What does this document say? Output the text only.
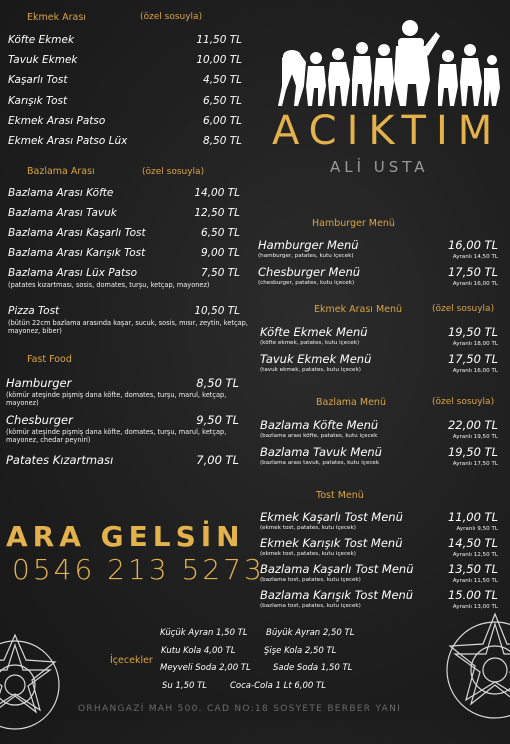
Ekmek Arası	(özel sosuyla)
Köfte Ekmek	11,50 TL
Tavuk Ekmek	10,00 TL
Kaşarlı Tost	4,50 TL
Karışık Tost	6,50 TL
Ekmek Arası Patso	6,00 TL
Ekmek Arası Patso Lüx	8,50 TL
Bazlama Arası	(özel sosuyla)
Bazlama Arası Köfte	14,00 TL
Bazlama Arası Tavuk	12,50 TL
Bazlama Arası Kaşarlı Tost	6,50 TL
Bazlama Arası Karışık Tost	9,00 TL
Bazlama Arası Lüx Patso	7,50 TL
(patates kızartması, sosis, domates, turşu, ketçap, mayonez)
Pizza Tost	10,50 TL
(bütün 22cm bazlama arasında kaşar, sucuk, sosis, mısır, zeytin, ketçap, mayonez, biber)
Fast Food
Hamburger	8,50 TL
(kömür ateşinde pişmiş dana köfte, domates, turşu, marul, ketçap, mayonez)
Chesburger	9,50 TL
(kömür ateşinde pişmiş dana köfte, domates, turşu, marul, ketçap, mayonez, chedar peyniri)
Patates Kızartması	7,00 TL
ARA GELSİN
0546 213 5273
ACIKTIM
ALİ USTA
Hamburger Menü
Hamburger Menü	16,00 TL
(hamburger, patates, kutu içecek)	Ayranlı 14,50 TL
Chesburger Menü	17,50 TL
(chesburger, patates, kutu içecek)	Ayranlı 16,00 TL
Ekmek Arası Menü	(özel sosuyla)
Köfte Ekmek Menü	19,50 TL
(köfte ekmek, patates, kutu içecek)	Ayranlı 18,00 TL
Tavuk Ekmek Menü	17,50 TL
(tavuk ekmek, patates, kutu içecek)	Ayranlı 16,00 TL
Bazlama Menü	(özel sosuyla)
Bazlama Köfte Menü	22,00 TL
(bazlama arası köfte, patates, kutu içecek	Ayranlı 19,50 TL
Bazlama Tavuk Menü	19,50 TL
(bazlama arası tavuk, patates, kutu içecek	Ayranlı 17,50 TL
Tost Menü
Ekmek Kaşarlı Tost Menü	11,00 TL
(ekmek tost, patates, kutu içecek)	Ayranlı 9,50 TL
Ekmek Karışık Tost Menü	14,50 TL
(ekmek tost, patates, kutu içecek)	Ayranlı 12,50 TL
Bazlama Kaşarlı Tost Menü	13,50 TL
(bazlama tost, patates, kutu içecek)	Ayranlı 11,50 TL
Bazlama Karışık Tost Menü	15.00 TL
(bazlama tost, patates, kutu içecek)	Ayranlı 13,00 TL
İçecekler
Küçük Ayran 1,50 TL Büyük Ayran 2,50 TL
Kutu Kola 4,00 TL	Şişe Kola 2,50 TL
Meyveli Soda 2,00 TL	Sade Soda 1,50 TL
Su 1,50 TL	Coca-Cola 1 Lt 6,00 TL
ORHANGAZİ MAH 500. CAD NO:18 SOSYETE BERBER YANI
